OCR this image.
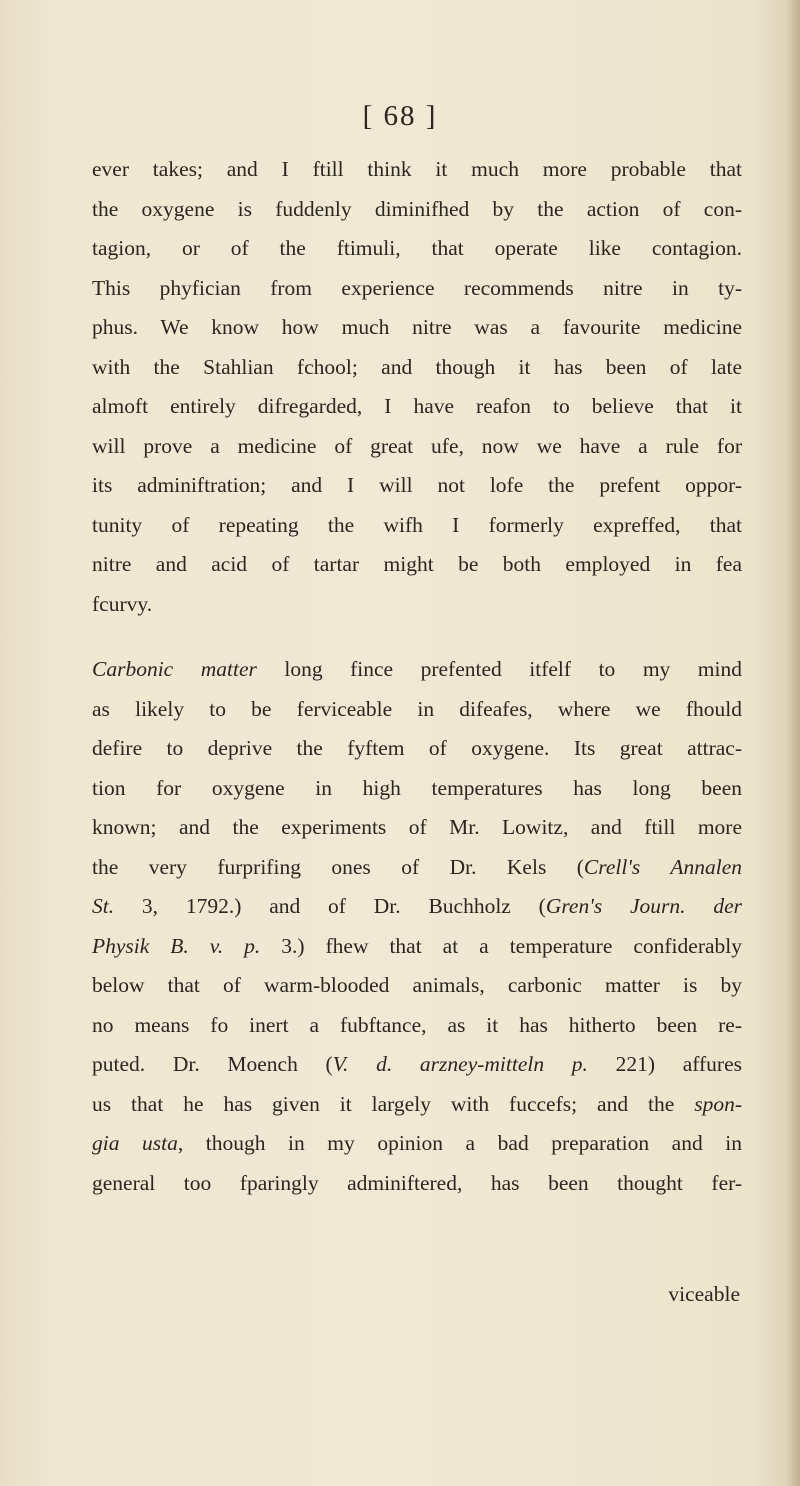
[ 68 ]
ever takes; and I ftill think it much more probable that
the oxygene is fuddenly diminifhed by the action of con-
tagion, or of the ftimuli, that operate like contagion.
This phyfician from experience recommends nitre in ty-
phus. We know how much nitre was a favourite medicine
with the Stahlian fchool; and though it has been of late
almoft entirely difregarded, I have reafon to believe that it
will prove a medicine of great ufe, now we have a rule for
its adminiftration; and I will not lofe the prefent oppor-
tunity of repeating the wifh I formerly expreffed, that
nitre and acid of tartar might be both employed in fea
fcurvy.
Carbonic matter long fince prefented itfelf to my mind
as likely to be ferviceable in difeafes, where we fhould
defire to deprive the fyftem of oxygene. Its great attrac-
tion for oxygene in high temperatures has long been
known; and the experiments of Mr. Lowitz, and ftill more
the very furprifing ones of Dr. Kels (Crell's Annalen
St. 3, 1792.) and of Dr. Buchholz (Gren's Journ. der
Physik B. v. p. 3.) fhew that at a temperature confiderably
below that of warm-blooded animals, carbonic matter is by
no means fo inert a fubftance, as it has hitherto been re-
puted. Dr. Moench (V. d. arzney-mitteln p. 221) affures
us that he has given it largely with fuccefs; and the spon-
gia usta, though in my opinion a bad preparation and in
general too fparingly adminiftered, has been thought fer-
viceable
